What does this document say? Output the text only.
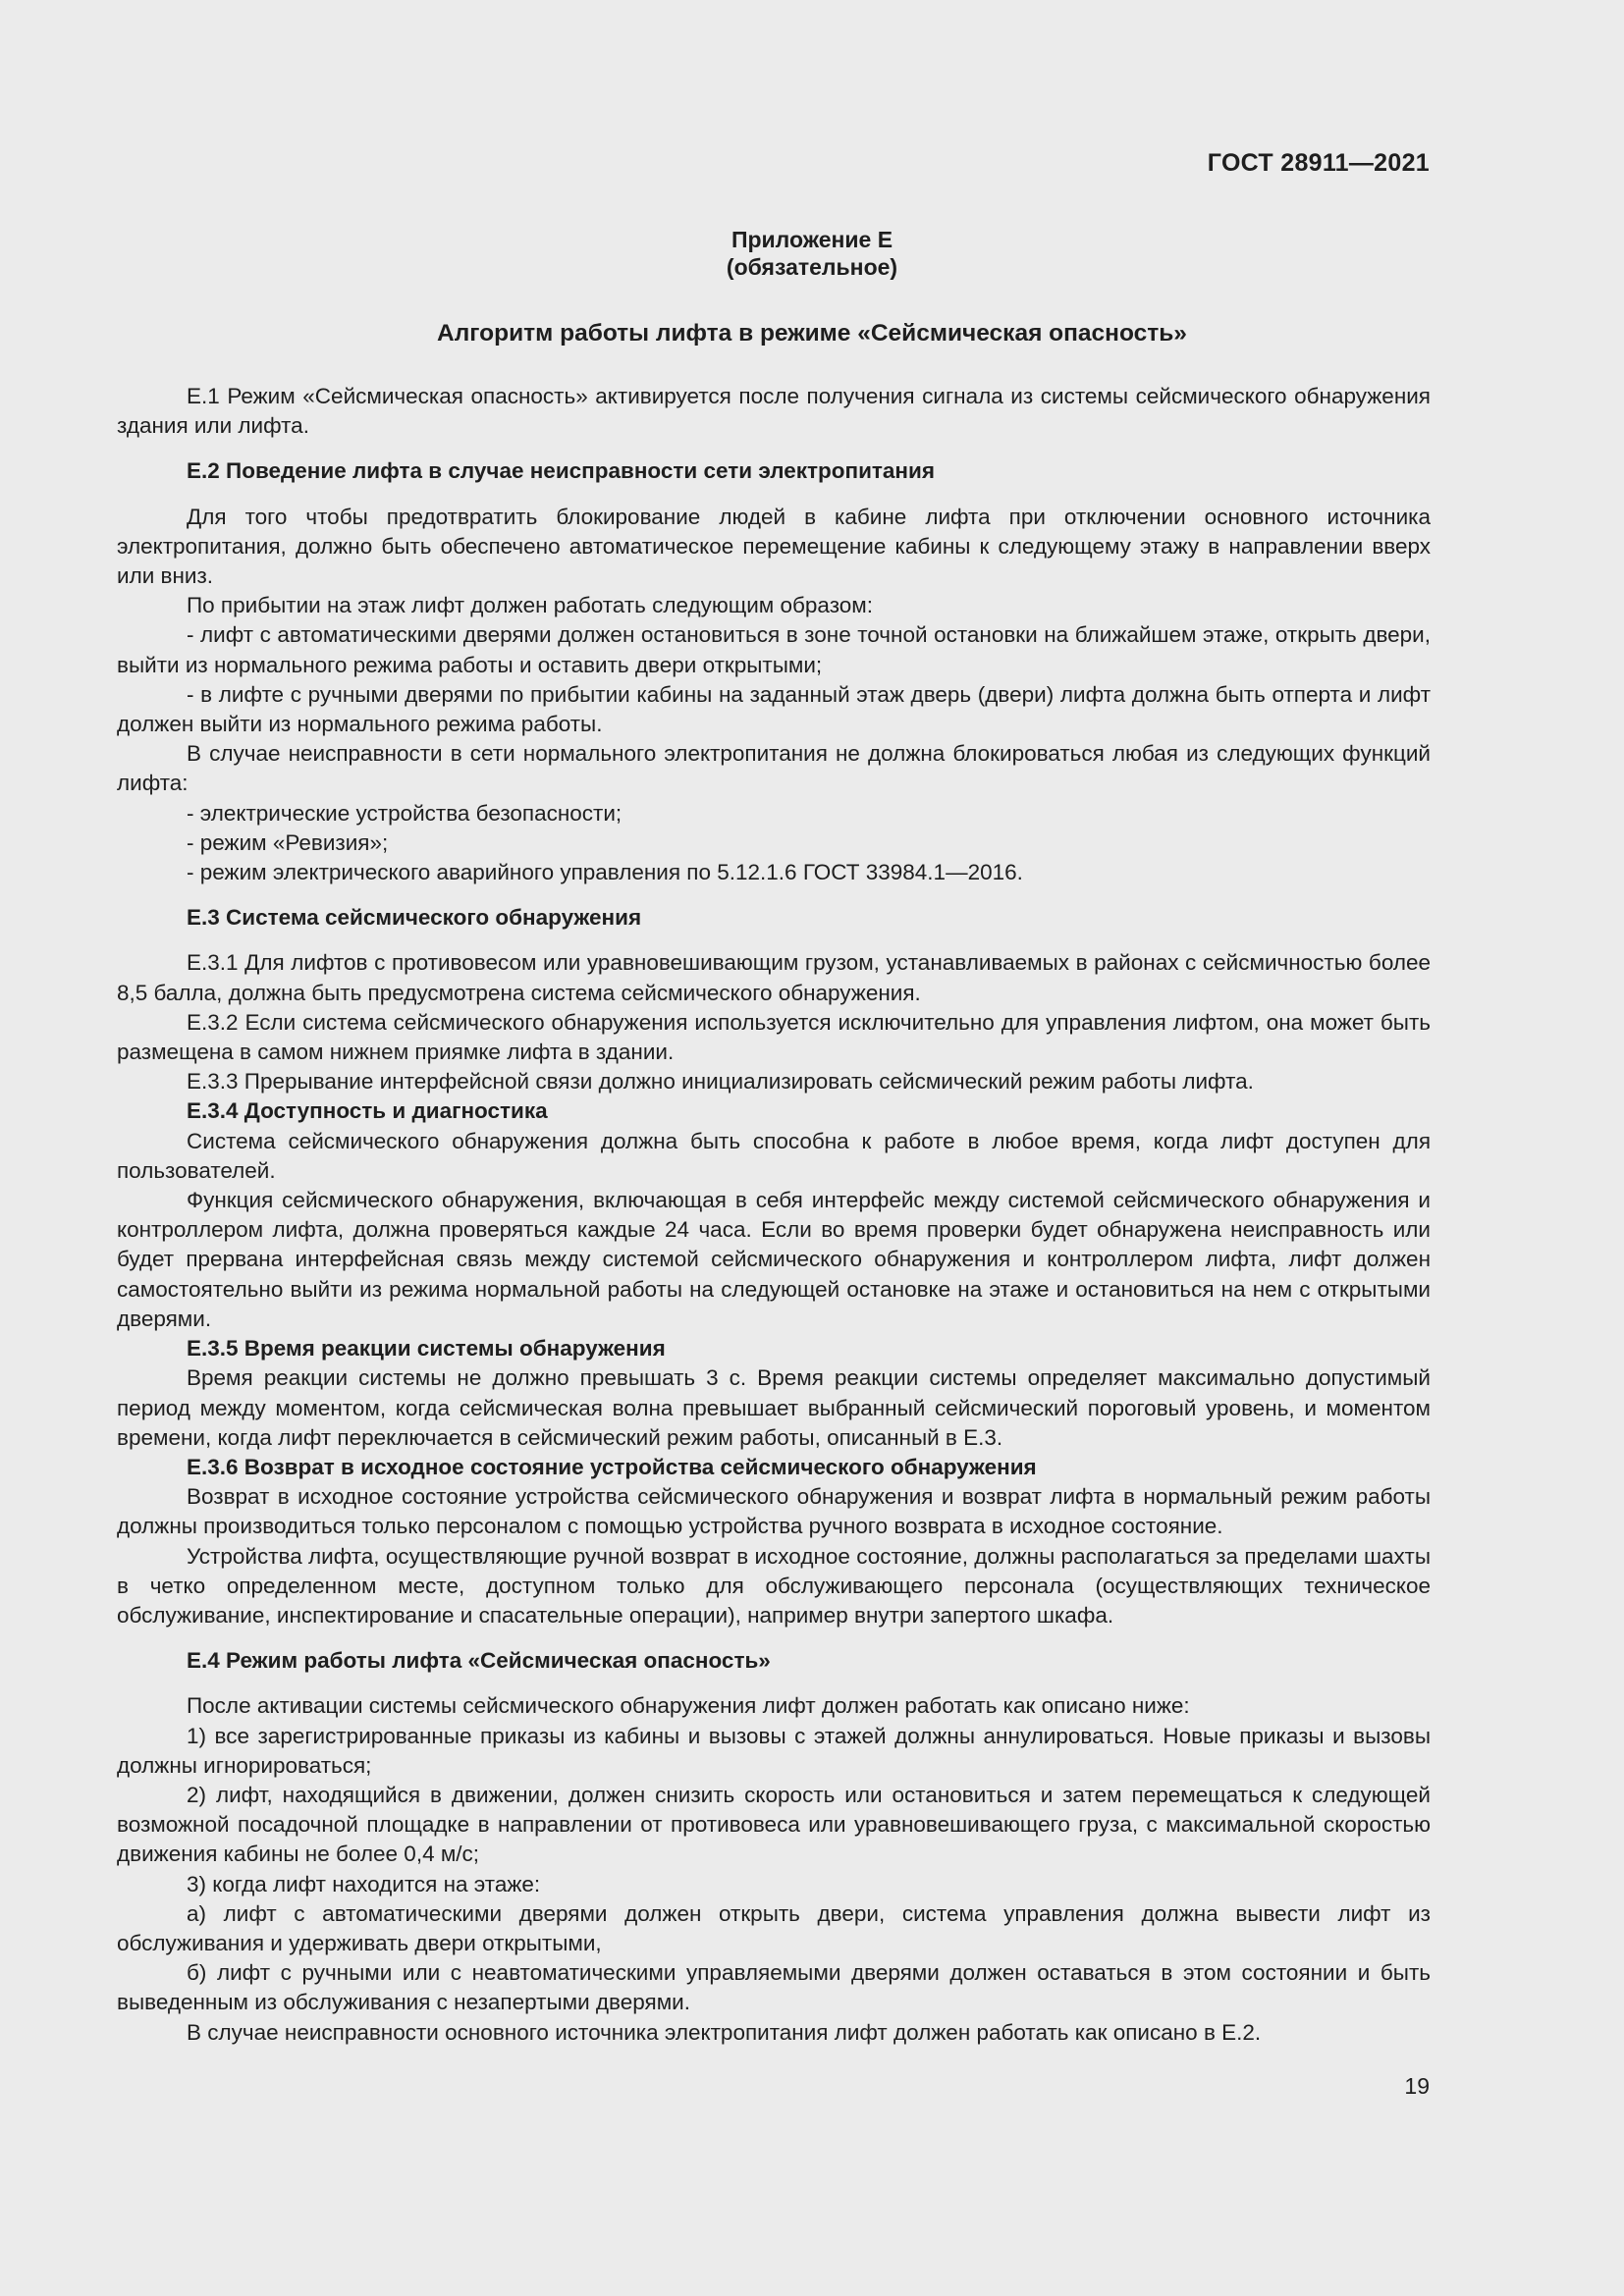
ГОСТ 28911—2021
Приложение Е
(обязательное)
Алгоритм работы лифта в режиме «Сейсмическая опасность»

Е.1 Режим «Сейсмическая опасность» активируется после получения сигнала из системы сейсмического обнаружения здания или лифта.

Е.2 Поведение лифта в случае неисправности сети электропитания

Для того чтобы предотвратить блокирование людей в кабине лифта при отключении основного источника электропитания, должно быть обеспечено автоматическое перемещение кабины к следующему этажу в направлении вверх или вниз.

По прибытии на этаж лифт должен работать следующим образом:

- лифт с автоматическими дверями должен остановиться в зоне точной остановки на ближайшем этаже, открыть двери, выйти из нормального режима работы и оставить двери открытыми;

- в лифте с ручными дверями по прибытии кабины на заданный этаж дверь (двери) лифта должна быть отперта и лифт должен выйти из нормального режима работы.

В случае неисправности в сети нормального электропитания не должна блокироваться любая из следующих функций лифта:

- электрические устройства безопасности;

- режим «Ревизия»;

- режим электрического аварийного управления по 5.12.1.6 ГОСТ 33984.1—2016.

Е.3 Система сейсмического обнаружения

Е.3.1 Для лифтов с противовесом или уравновешивающим грузом, устанавливаемых в районах с сейсмичностью более 8,5 балла, должна быть предусмотрена система сейсмического обнаружения.

Е.3.2 Если система сейсмического обнаружения используется исключительно для управления лифтом, она может быть размещена в самом нижнем приямке лифта в здании.

Е.3.3 Прерывание интерфейсной связи должно инициализировать сейсмический режим работы лифта.

Е.3.4 Доступность и диагностика

Система сейсмического обнаружения должна быть способна к работе в любое время, когда лифт доступен для пользователей.

Функция сейсмического обнаружения, включающая в себя интерфейс между системой сейсмического обнаружения и контроллером лифта, должна проверяться каждые 24 часа. Если во время проверки будет обнаружена неисправность или будет прервана интерфейсная связь между системой сейсмического обнаружения и контроллером лифта, лифт должен самостоятельно выйти из режима нормальной работы на следующей остановке на этаже и остановиться на нем с открытыми дверями.

Е.3.5 Время реакции системы обнаружения

Время реакции системы не должно превышать 3 с. Время реакции системы определяет максимально допустимый период между моментом, когда сейсмическая волна превышает выбранный сейсмический пороговый уровень, и моментом времени, когда лифт переключается в сейсмический режим работы, описанный в Е.3.

Е.3.6 Возврат в исходное состояние устройства сейсмического обнаружения

Возврат в исходное состояние устройства сейсмического обнаружения и возврат лифта в нормальный режим работы должны производиться только персоналом с помощью устройства ручного возврата в исходное состояние.

Устройства лифта, осуществляющие ручной возврат в исходное состояние, должны располагаться за пределами шахты в четко определенном месте, доступном только для обслуживающего персонала (осуществляющих техническое обслуживание, инспектирование и спасательные операции), например внутри запертого шкафа.

Е.4 Режим работы лифта «Сейсмическая опасность»

После активации системы сейсмического обнаружения лифт должен работать как описано ниже:

1) все зарегистрированные приказы из кабины и вызовы с этажей должны аннулироваться. Новые приказы и вызовы должны игнорироваться;

2) лифт, находящийся в движении, должен снизить скорость или остановиться и затем перемещаться к следующей возможной посадочной площадке в направлении от противовеса или уравновешивающего груза, с максимальной скоростью движения кабины не более 0,4 м/с;

3) когда лифт находится на этаже:

а) лифт с автоматическими дверями должен открыть двери, система управления должна вывести лифт из обслуживания и удерживать двери открытыми,

б) лифт с ручными или с неавтоматическими управляемыми дверями должен оставаться в этом состоянии и быть выведенным из обслуживания с незапертыми дверями.

В случае неисправности основного источника электропитания лифт должен работать как описано в Е.2.

19
